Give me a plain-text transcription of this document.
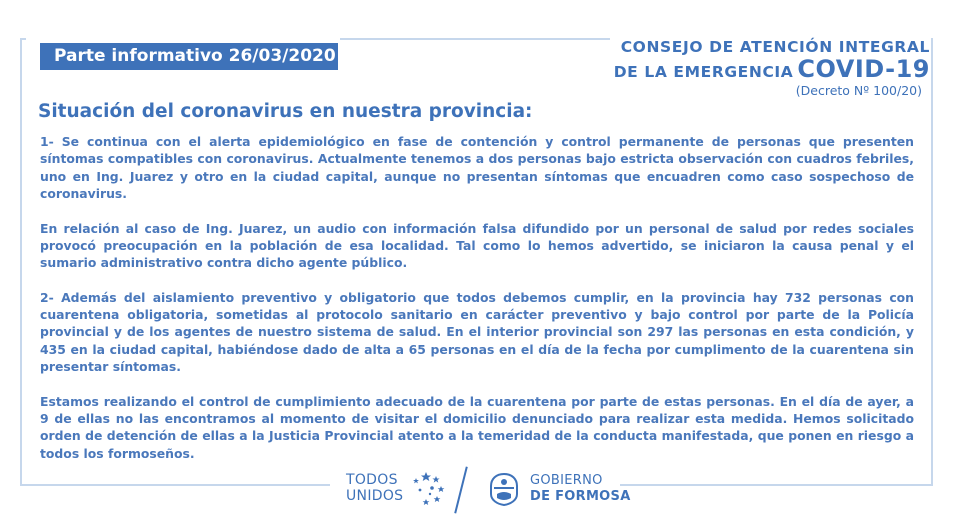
Parte informativo 26/03/2020	CONSEJO DE ATENCIÓN INTEGRAL
DE LA EMERGENCIA COVID-19
(Decreto Nº 100/20)
Situación del coronavirus en nuestra provincia:

1- Se continua con el alerta epidemiológico en fase de contención y control permanente de personas que presenten síntomas compatibles con coronavirus. Actualmente tenemos a dos personas bajo estricta observación con cuadros febriles, uno en Ing. Juarez y otro en la ciudad capital, aunque no presentan síntomas que encuadren como caso sospechoso de coronavirus.

En relación al caso de Ing. Juarez, un audio con información falsa difundido por un personal de salud por redes sociales provocó preocupación en la población de esa localidad. Tal como lo hemos advertido, se iniciaron la causa penal y el sumario administrativo contra dicho agente público.

2- Además del aislamiento preventivo y obligatorio que todos debemos cumplir, en la provincia hay 732 personas con cuarentena obligatoria, sometidas al protocolo sanitario en carácter preventivo y bajo control por parte de la Policía provincial y de los agentes de nuestro sistema de salud. En el interior provincial son 297 las personas en esta condición, y 435 en la ciudad capital, habiéndose dado de alta a 65 personas en el día de la fecha por cumplimento de la cuarentena sin presentar síntomas.

Estamos realizando el control de cumplimiento adecuado de la cuarentena por parte de estas personas. En el día de ayer, a 9 de ellas no las encontramos al momento de visitar el domicilio denunciado para realizar esta medida. Hemos solicitado orden de detención de ellas a la Justicia Provincial atento a la temeridad de la conducta manifestada, que ponen en riesgo a todos los formoseños.

TODOS
UNIDOS
GOBIERNO
DE FORMOSA
